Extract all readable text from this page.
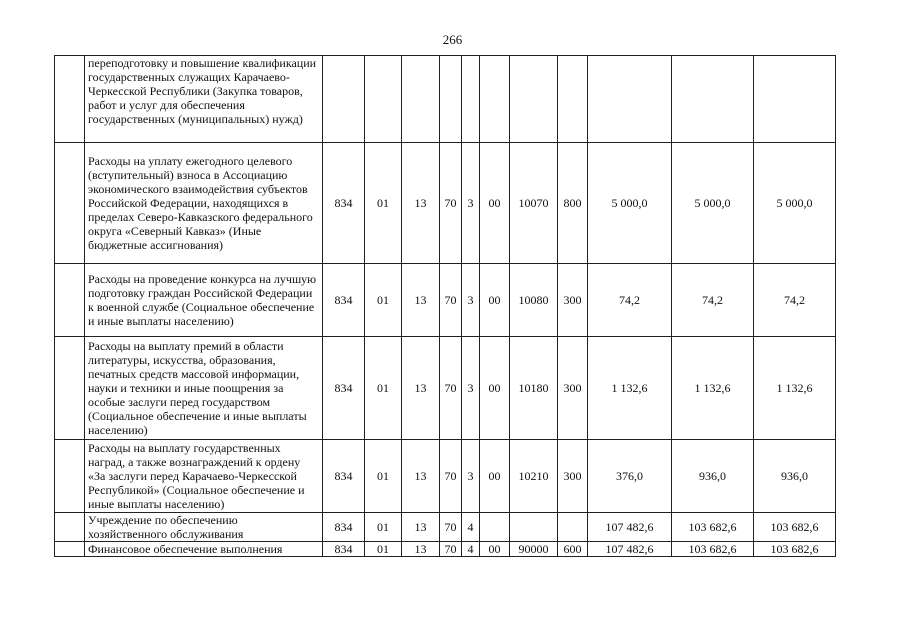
266
	переподготовку и повышение квалификации государственных служащих Карачаево-Черкесской Республики (Закупка товаров, работ и услуг для обеспечения государственных (муниципальных) нужд)											
	Расходы на уплату ежегодного целевого (вступительный) взноса в Ассоциацию экономического взаимодействия субъектов Российской Федерации, находящихся в пределах Северо-Кавказского федерального округа «Северный Кавказ» (Иные бюджетные ассигнования)	834	01	13	70	3	00	10070	800	5 000,0	5 000,0	5 000,0
	Расходы на проведение конкурса на лучшую подготовку граждан Российской Федерации к военной службе (Социальное обеспечение и иные выплаты населению)	834	01	13	70	3	00	10080	300	74,2	74,2	74,2
	Расходы на выплату премий в области литературы, искусства, образования, печатных средств массовой информации, науки и техники и иные поощрения за особые заслуги перед государством (Социальное обеспечение и иные выплаты населению)	834	01	13	70	3	00	10180	300	1 132,6	1 132,6	1 132,6
	Расходы на выплату государственных наград, а также вознаграждений к ордену «За заслуги перед Карачаево-Черкесской Республикой» (Социальное обеспечение и иные выплаты населению)	834	01	13	70	3	00	10210	300	376,0	936,0	936,0
	Учреждение по обеспечению хозяйственного обслуживания	834	01	13	70	4				107 482,6	103 682,6	103 682,6
	Финансовое обеспечение выполнения	834	01	13	70	4	00	90000	600	107 482,6	103 682,6	103 682,6
